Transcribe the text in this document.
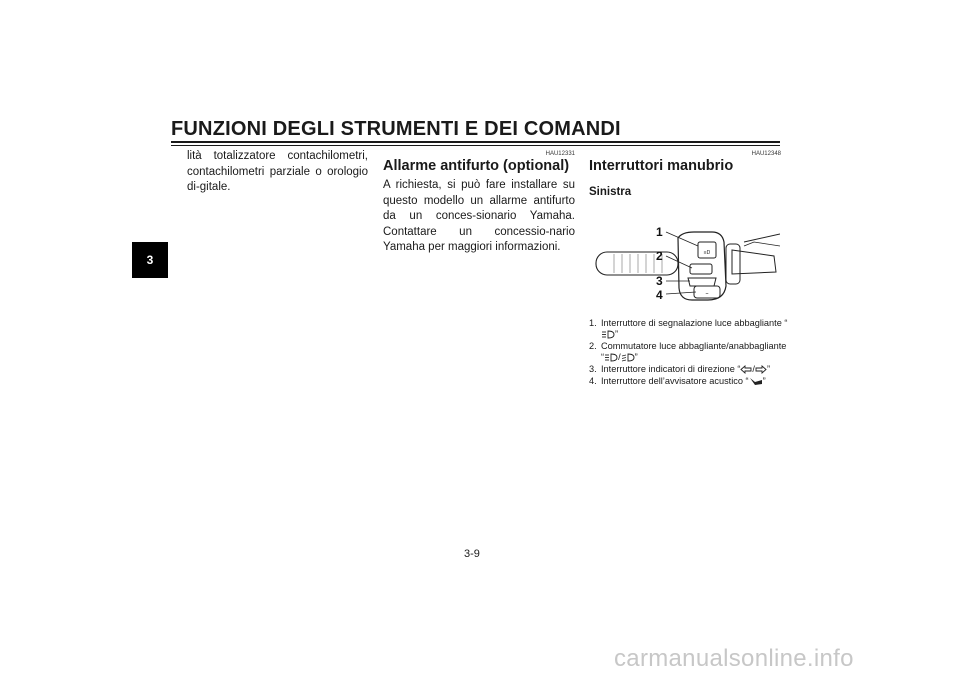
FUNZIONI DEGLI STRUMENTI E DEI COMANDI
3

lità totalizzatore contachilometri, contachilometri parziale o orologio di-gitale.

HAU12331
Allarme antifurto (optional)

A richiesta, si può fare installare su questo modello un allarme antifurto da un conces-sionario Yamaha. Contattare un concessio-nario Yamaha per maggiori informazioni.

HAU12348
Interruttori manubrio
Sinistra
≡D
⌣
1
2
3
4
1. Interruttore di segnalazione luce abbagliante “”
2. Commutatore luce abbagliante/anabbagliante “ / ”
3. Interruttore indicatori di direzione “ / ”
4. Interruttore dell’avvisatore acustico “ ”
3-9
carmanualsonline.info
